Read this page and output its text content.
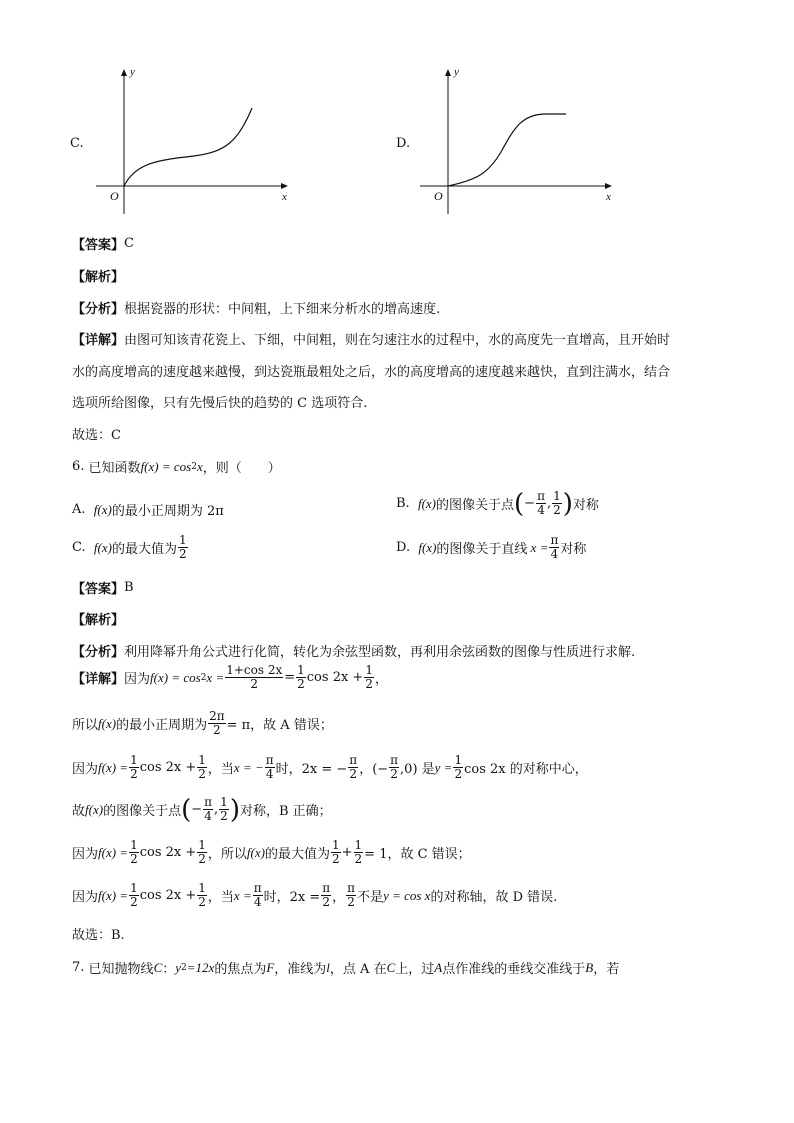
C.
y
x
O
D.
y
x
O
【答案】 C
【解析】
【分析】 根据瓷器的形状：中间粗，上下细来分析水的增高速度.
【详解】 由图可知该青花瓷上、下细，中间粗，则在匀速注水的过程中，水的高度先一直增高，且开始时
水的高度增高的速度越来越慢，到达瓷瓶最粗处之后，水的高度增高的速度越来越快，直到注满水，结合
选项所给图像，只有先慢后快的趋势的 C 选项符合.
故选：C
6.
已知函数 f(x) = cos 2 x ，则（　　）
A.
f(x) 的最小正周期为 2π
B.
f(x) 的图像关于点 ( − $\frac{\pi}{4}$ , $\frac{1}{2}$ ) 对称
C.
f(x) 的最大值为 $\frac{1}{2}$	D.
f(x) 的图像关于直线 $x = \frac{\pi}{4}$ 对称
【答案】 B
【解析】
【分析】 利用降幂升角公式进行化简，转化为余弦型函数，再利用余弦函数的图像与性质进行求解.
【详解】 因为 f(x) = cos 2 $x = \frac{1+\cos 2x}{2} = \frac{1}{2}$ $\cos 2x + \frac{1}{2}$ ，
所以 f(x) 的最小正周期为 $\frac{2\pi}{2} = \pi$，故 A 错误；
因为 $f(x) = \frac{1}{2}$ $\cos 2x + \frac{1}{2}$ ，当 x = − $\frac{\pi}{4}$ 时，2x = − $\frac{\pi}{2}$ ，(− $\frac{\pi}{2} ,0$) 是 $y = \frac{1}{2}$ cos 2x 的对称中心，
故 f(x) 的图像关于点 ( − $\frac{\pi}{4}$ , $\frac{1}{2}$ ) 对称，B 正确；
因为 $f(x) = \frac{1}{2}$ $\cos 2x + \frac{1}{2}$ ，所以 f(x) 的最大值为 $\frac{1}{2} + \frac{1}{2} = 1$，故 C 错误；
因为 $f(x) = \frac{1}{2}$ $\cos 2x + \frac{1}{2}$ ，当 $x = \frac{\pi}{4}$ 时，$2x = \frac{\pi}{2}$ ， $\frac{\pi}{2}$ 不是 y = cos x 的对称轴，故 D 错误.
故选：B.
7.
已知抛物线 C ： y 2 =12x 的焦点为 F ，准线为 l ，点 A 在 C 上，过 A 点作准线的垂线交准线于 B ，若
